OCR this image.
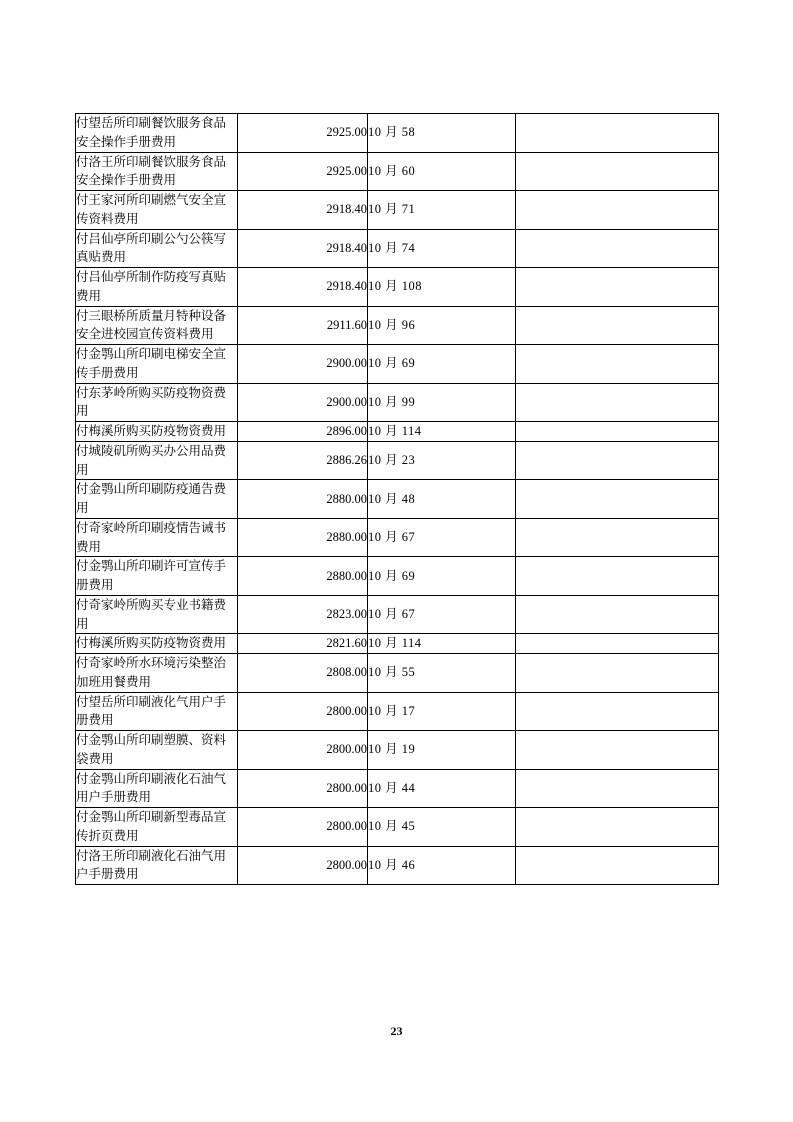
付望岳所印刷餐饮服务食品安全操作手册费用	2925.00	10 月 58	
付洛王所印刷餐饮服务食品安全操作手册费用	2925.00	10 月 60	
付王家河所印刷燃气安全宣传资料费用	2918.40	10 月 71	
付吕仙亭所印刷公勺公筷写真贴费用	2918.40	10 月 74	
付吕仙亭所制作防疫写真贴费用	2918.40	10 月 108	
付三眼桥所质量月特种设备安全进校园宣传资料费用	2911.60	10 月 96	
付金鹗山所印刷电梯安全宣传手册费用	2900.00	10 月 69	
付东茅岭所购买防疫物资费用	2900.00	10 月 99	
付梅溪所购买防疫物资费用	2896.00	10 月 114	
付城陵矶所购买办公用品费用	2886.26	10 月 23	
付金鹗山所印刷防疫通告费用	2880.00	10 月 48	
付奇家岭所印刷疫情告诫书费用	2880.00	10 月 67	
付金鹗山所印刷许可宣传手册费用	2880.00	10 月 69	
付奇家岭所购买专业书籍费用	2823.00	10 月 67	
付梅溪所购买防疫物资费用	2821.60	10 月 114	
付奇家岭所水环境污染整治加班用餐费用	2808.00	10 月 55	
付望岳所印刷液化气用户手册费用	2800.00	10 月 17	
付金鹗山所印刷塑膜、资料袋费用	2800.00	10 月 19	
付金鹗山所印刷液化石油气用户手册费用	2800.00	10 月 44	
付金鹗山所印刷新型毒品宣传折页费用	2800.00	10 月 45	
付洛王所印刷液化石油气用户手册费用	2800.00	10 月 46	
23
